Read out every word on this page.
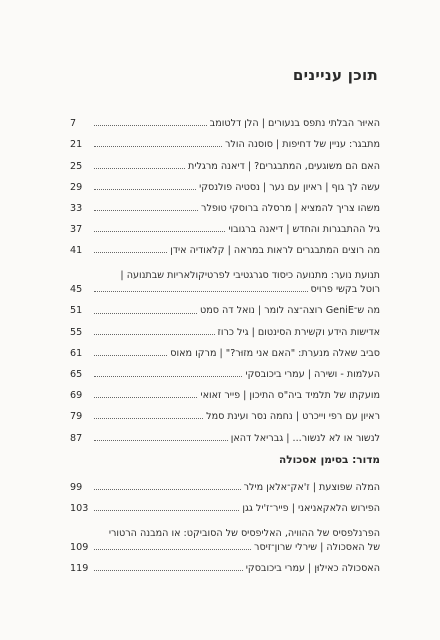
תוכן עניינים
האיוּר הבלתי נתפס בנעורים | הלן דלטומב
7
מתבגר: עניין של דחיפות | סוסנה הולר
21
האם הם משוגעים, המתבגרים? | דיאנה מרגלית
25
עשה לך גוף | ראיון עם נער | נסטיה פולנסקי
29
משהו צריך להמציא | מרסלה ברוסקי טופלר
33
גיל ההתבגרות והחדש | דיאנה ברגובוי
37
מה רוצים המתבגרים לראות במראה | קלאודיה אידן
41
תנועת נוער: מתנועה כיסוד סגרגטיבי לפרטיקולאריות שבתנועה |
רוטל בקשי פרויס
45
מה ש־GeniE רוצה־צה לומר | נואל דה סמט
51
אדישות הידע וקשירת הסינטום | גיל כרוז
55
סביב שאלה מנערת: "האם אני מזוּר?" | מרקו מאוס
61
העלמות - ושירה | עמרי ביכובסקי
65
מועקתו של תלמיד ביה"ס התיכון | פייר זאואי
69
ראיון עם רפי וייכרט | נחמה נסר ועינת סמל
79
לנשור או לא לנשור... | גבריאל דהאן
87
מדור: בסימן אסכולה
המלה שפוצעת | ז'אק־אלאן מילר
99
הפירוש הלאקאניאני | פייר־ז'יל גגן
103
הפרנלפסיס של ההוויה, האליפסיס של הסוביקט: או המבנה הרטורי
של האסכולה | שירלי שרון־זיסר
109
האסכולה כאילוּן | עמרי ביכובסקי
119
